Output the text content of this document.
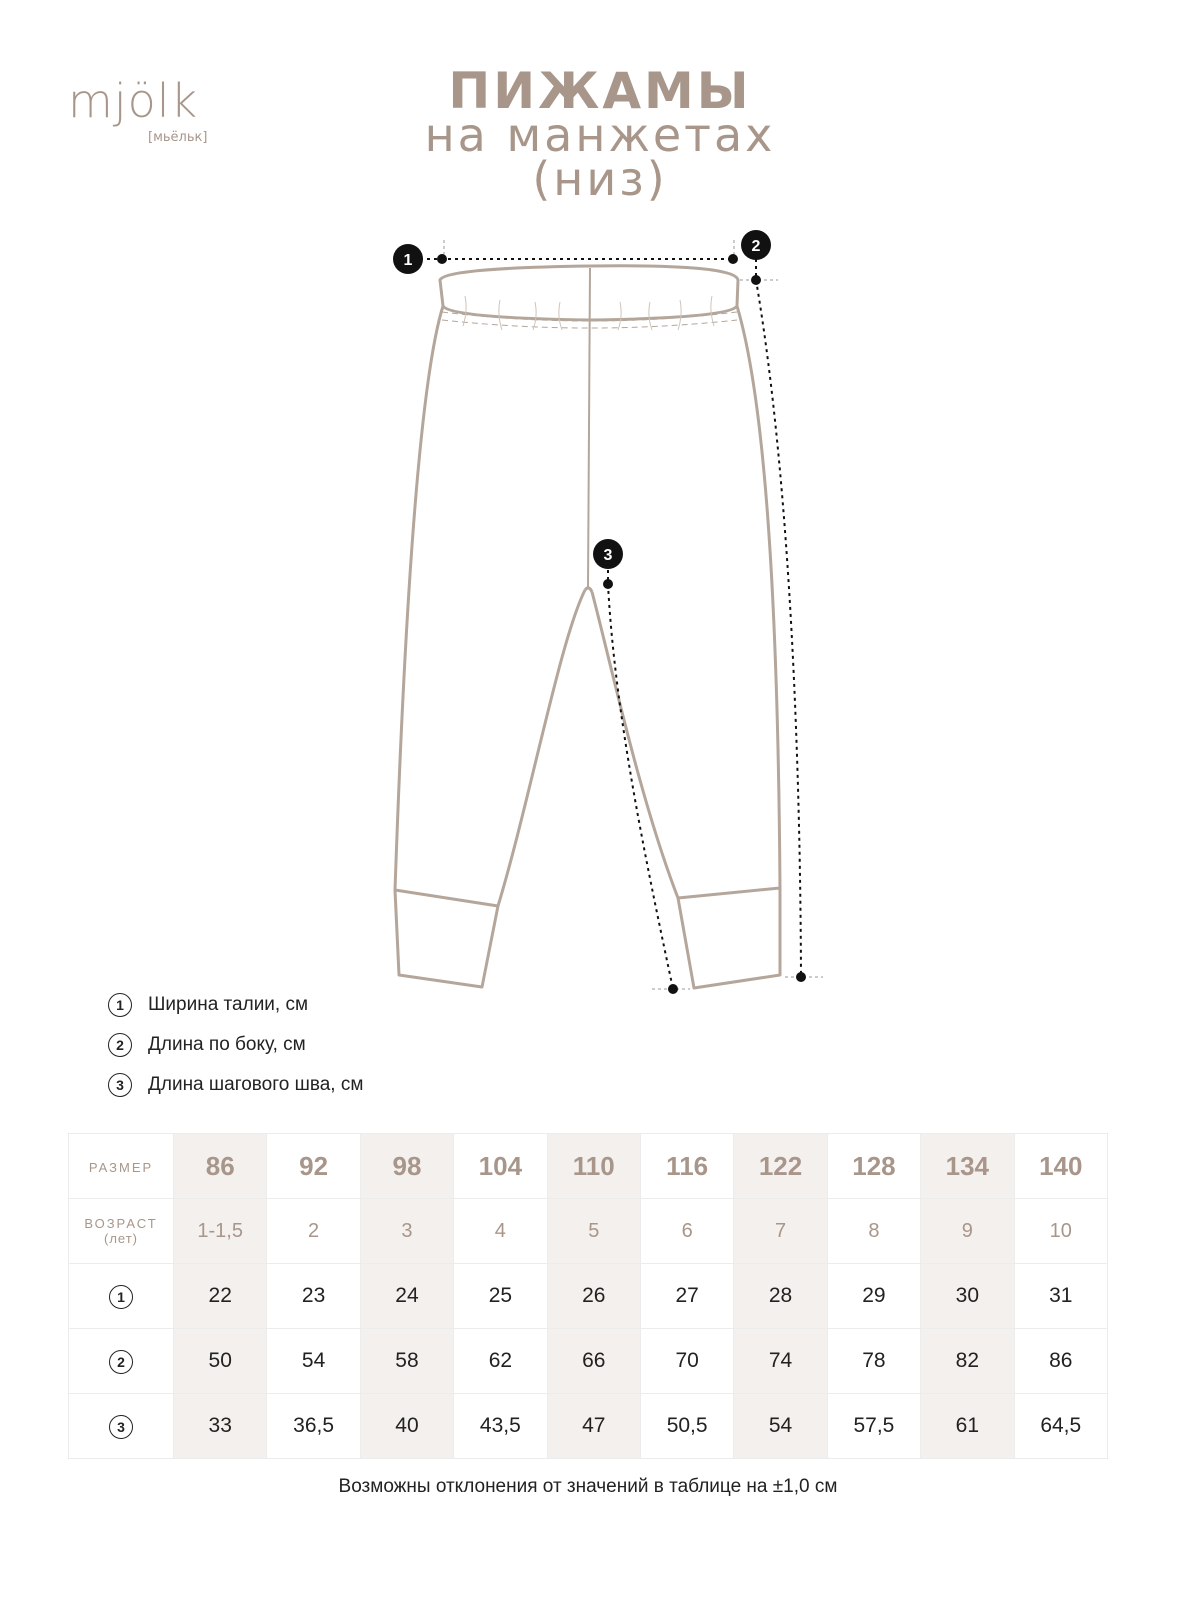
mjölk
[мьёльк]
ПИЖАМЫ
на манжетах
(низ)
1
2
3
1	Ширина талии, см
2	Длина по боку, см
3	Длина шагового шва, см
РАЗМЕР	86	92	98	104	110	116	122	128	134	140

ВОЗРАСТ
(лет)	1-1,5	2	3	4	5	6	7	8	9	10
1	22	23	24	25	26	27	28	29	30	31
2	50	54	58	62	66	70	74	78	82	86
3	33	36,5	40	43,5	47	50,5	54	57,5	61	64,5
Возможны отклонения от значений в таблице на ±1,0 см
